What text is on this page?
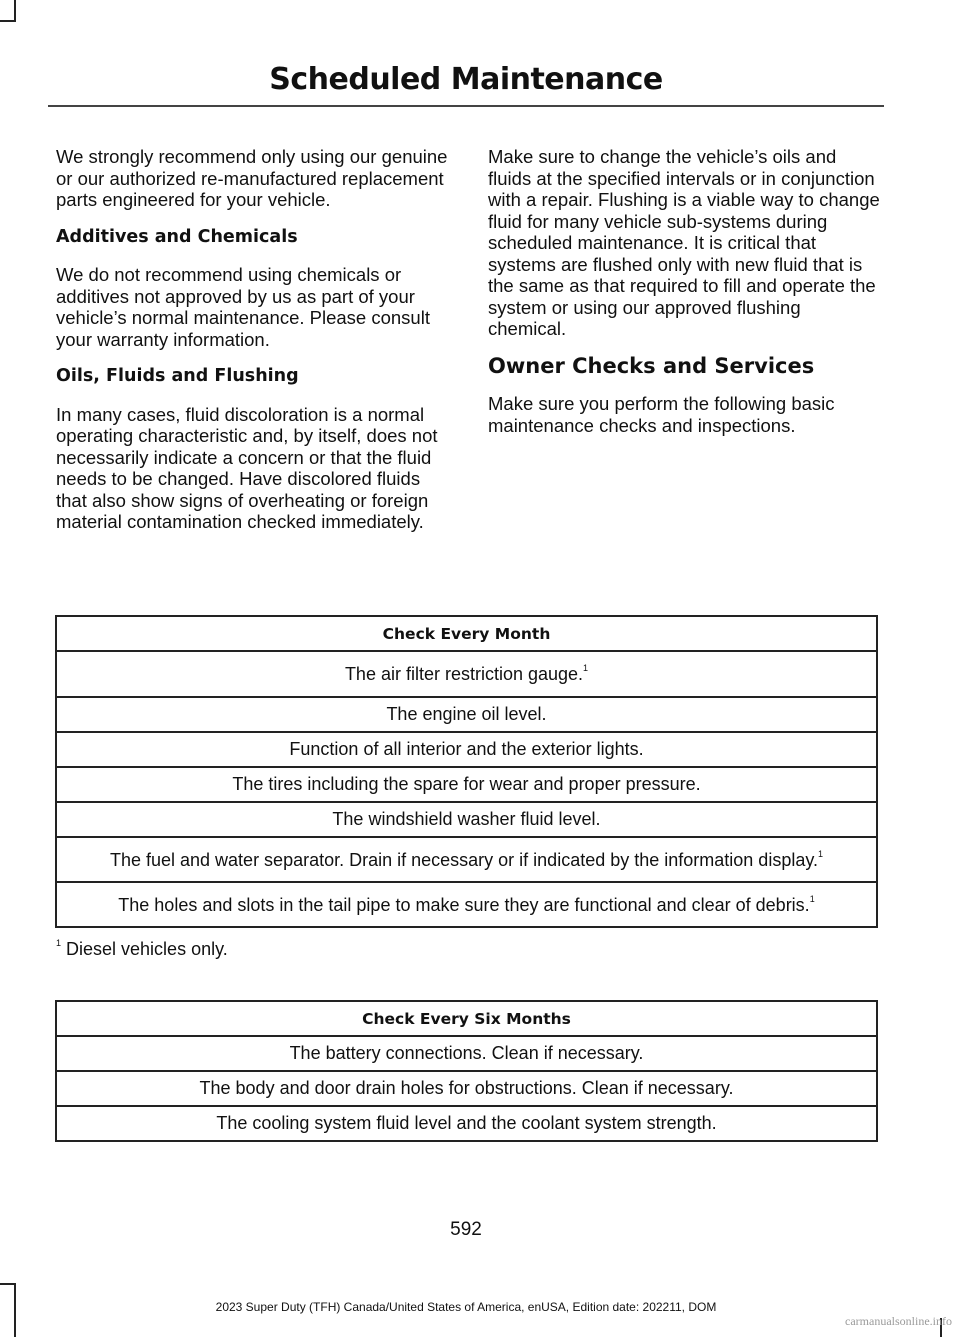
Scheduled Maintenance

We strongly recommend only using our genuine or our authorized re-manufactured replacement parts engineered for your vehicle.

Additives and Chemicals

We do not recommend using chemicals or additives not approved by us as part of your vehicle’s normal maintenance. Please consult your warranty information.

Oils, Fluids and Flushing

In many cases, fluid discoloration is a normal operating characteristic and, by itself, does not necessarily indicate a concern or that the fluid needs to be changed. Have discolored fluids that also show signs of overheating or foreign material contamination checked immediately.

Make sure to change the vehicle’s oils and fluids at the specified intervals or in conjunction with a repair. Flushing is a viable way to change fluid for many vehicle sub-systems during scheduled maintenance. It is critical that systems are flushed only with new fluid that is the same as that required to fill and operate the system or using our approved flushing chemical.

Owner Checks and Services

Make sure you perform the following basic maintenance checks and inspections.

Check Every Month
The air filter restriction gauge.$^1$
The engine oil level.
Function of all interior and the exterior lights.
The tires including the spare for wear and proper pressure.
The windshield washer fluid level.
The fuel and water separator. Drain if necessary or if indicated by the information display.$^1$
The holes and slots in the tail pipe to make sure they are functional and clear of debris.$^1$
$^1$ Diesel vehicles only.
Check Every Six Months
The battery connections. Clean if necessary.
The body and door drain holes for obstructions. Clean if necessary.
The cooling system fluid level and the coolant system strength.
592
2023 Super Duty (TFH) Canada/United States of America, enUSA, Edition date: 202211, DOM
carmanualsonline.info
